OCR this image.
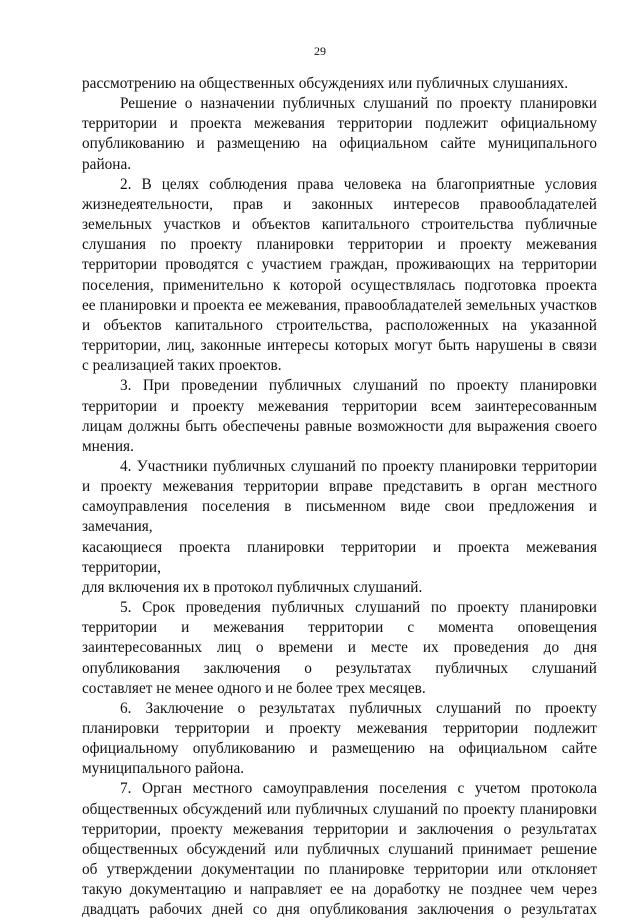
29

рассмотрению на общественных обсуждениях или публичных слушаниях.

Решение о назначении публичных слушаний по проекту планировки

территории и проекта межевания территории подлежит официальному

опубликованию и размещению на официальном сайте муниципального района.

2. В целях соблюдения права человека на благоприятные условия

жизнедеятельности, прав и законных интересов правообладателей

земельных участков и объектов капитального строительства публичные

слушания по проекту планировки территории и проекту межевания

территории проводятся с участием граждан, проживающих на территории

поселения, применительно к которой осуществлялась подготовка проекта

ее планировки и проекта ее межевания, правообладателей земельных участков

и объектов капитального строительства, расположенных на указанной

территории, лиц, законные интересы которых могут быть нарушены в связи

с реализацией таких проектов.

3. При проведении публичных слушаний по проекту планировки

территории и проекту межевания территории всем заинтересованным

лицам должны быть обеспечены равные возможности для выражения своего

мнения.

4. Участники публичных слушаний по проекту планировки территории

и проекту межевания территории вправе представить в орган местного

самоуправления поселения в письменном виде свои предложения и замечания,

касающиеся проекта планировки территории и проекта межевания территории,

для включения их в протокол публичных слушаний.

5. Срок проведения публичных слушаний по проекту планировки

территории и межевания территории с момента оповещения

заинтересованных лиц о времени и месте их проведения до дня

опубликования заключения о результатах публичных слушаний

составляет не менее одного и не более трех месяцев.

6. Заключение о результатах публичных слушаний по проекту

планировки территории и проекту межевания территории подлежит

официальному опубликованию и размещению на официальном сайте

муниципального района.

7. Орган местного самоуправления поселения с учетом протокола

общественных обсуждений или публичных слушаний по проекту планировки

территории, проекту межевания территории и заключения о результатах

общественных обсуждений или публичных слушаний принимает решение

об утверждении документации по планировке территории или отклоняет

такую документацию и направляет ее на доработку не позднее чем через

двадцать рабочих дней со дня опубликования заключения о результатах
